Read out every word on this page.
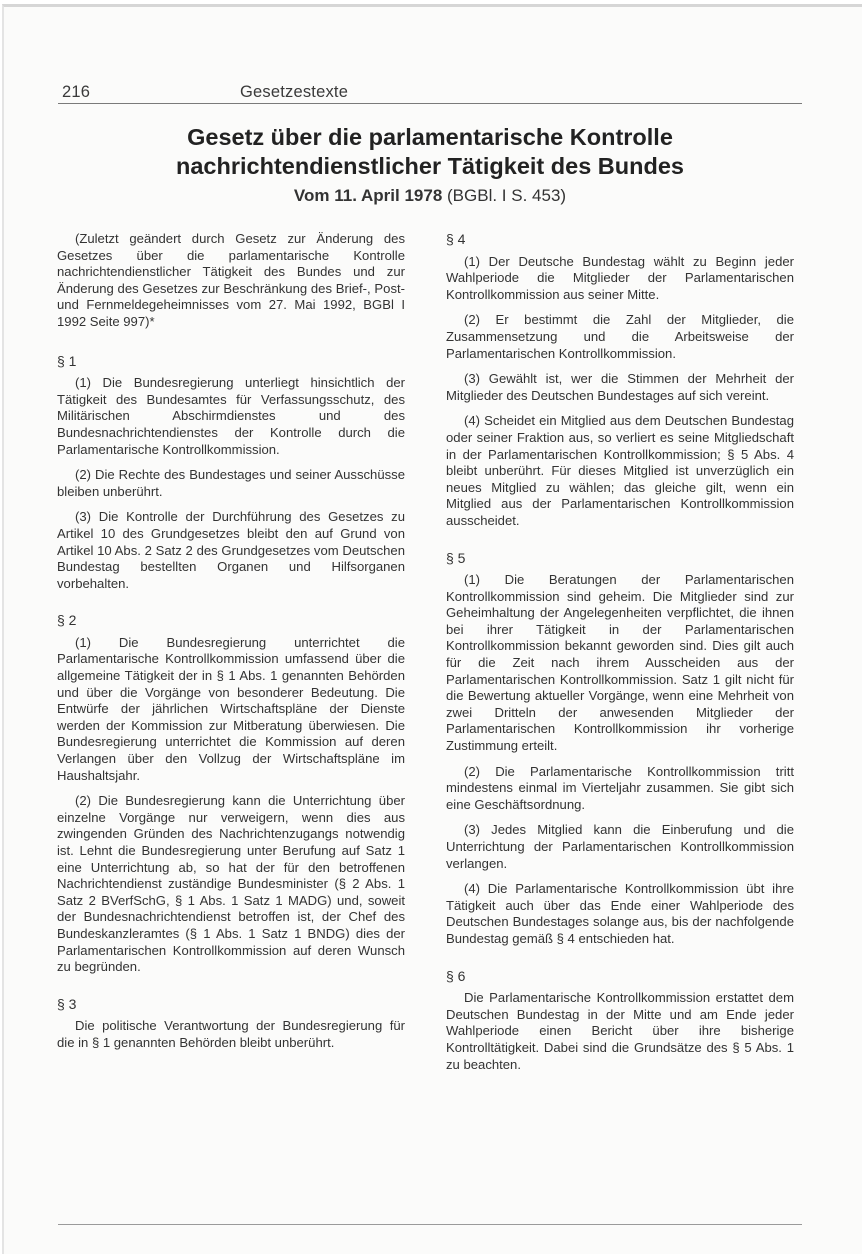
216	Gesetzestexte
Gesetz über die parlamentarische Kontrolle
nachrichtendienstlicher Tätigkeit des Bundes
Vom 11. April 1978 (BGBl. I S. 453)

(Zuletzt geändert durch Gesetz zur Änderung des Gesetzes über die parlamentarische Kontrolle nachrichtendienstlicher Tätigkeit des Bundes und zur Änderung des Gesetzes zur Beschränkung des Brief-, Post- und Fernmeldegeheimnisses vom 27. Mai 1992, BGBl I 1992 Seite 997)*

§ 1

(1) Die Bundesregierung unterliegt hinsichtlich der Tätigkeit des Bundesamtes für Verfassungsschutz, des Militärischen Abschirmdienstes und des Bundesnachrichtendienstes der Kontrolle durch die Parlamentarische Kontrollkommission.

(2) Die Rechte des Bundestages und seiner Ausschüsse bleiben unberührt.

(3) Die Kontrolle der Durchführung des Gesetzes zu Artikel 10 des Grundgesetzes bleibt den auf Grund von Artikel 10 Abs. 2 Satz 2 des Grundgesetzes vom Deutschen Bundestag bestellten Organen und Hilfsorganen vorbehalten.

§ 2

(1) Die Bundesregierung unterrichtet die Parlamentarische Kontrollkommission umfassend über die allgemeine Tätigkeit der in § 1 Abs. 1 genannten Behörden und über die Vorgänge von besonderer Bedeutung. Die Entwürfe der jährlichen Wirtschaftspläne der Dienste werden der Kommission zur Mitberatung überwiesen. Die Bundesregierung unterrichtet die Kommission auf deren Verlangen über den Vollzug der Wirtschaftspläne im Haushaltsjahr.

(2) Die Bundesregierung kann die Unterrichtung über einzelne Vorgänge nur verweigern, wenn dies aus zwingenden Gründen des Nachrichtenzugangs notwendig ist. Lehnt die Bundesregierung unter Berufung auf Satz 1 eine Unterrichtung ab, so hat der für den betroffenen Nachrichtendienst zuständige Bundesminister (§ 2 Abs. 1 Satz 2 BVerfSchG, § 1 Abs. 1 Satz 1 MADG) und, soweit der Bundesnachrichtendienst betroffen ist, der Chef des Bundeskanzleramtes (§ 1 Abs. 1 Satz 1 BNDG) dies der Parlamentarischen Kontrollkommission auf deren Wunsch zu begründen.

§ 3

Die politische Verantwortung der Bundesregierung für die in § 1 genannten Behörden bleibt unberührt.

§ 4

(1) Der Deutsche Bundestag wählt zu Beginn jeder Wahlperiode die Mitglieder der Parlamentarischen Kontrollkommission aus seiner Mitte.

(2) Er bestimmt die Zahl der Mitglieder, die Zusammensetzung und die Arbeitsweise der Parlamentarischen Kontrollkommission.

(3) Gewählt ist, wer die Stimmen der Mehrheit der Mitglieder des Deutschen Bundestages auf sich vereint.

(4) Scheidet ein Mitglied aus dem Deutschen Bundestag oder seiner Fraktion aus, so verliert es seine Mitgliedschaft in der Parlamentarischen Kontrollkommission; § 5 Abs. 4 bleibt unberührt. Für dieses Mitglied ist unverzüglich ein neues Mitglied zu wählen; das gleiche gilt, wenn ein Mitglied aus der Parlamentarischen Kontrollkommission ausscheidet.

§ 5

(1) Die Beratungen der Parlamentarischen Kontrollkommission sind geheim. Die Mitglieder sind zur Geheimhaltung der Angelegenheiten verpflichtet, die ihnen bei ihrer Tätigkeit in der Parlamentarischen Kontrollkommission bekannt geworden sind. Dies gilt auch für die Zeit nach ihrem Ausscheiden aus der Parlamentarischen Kontrollkommission. Satz 1 gilt nicht für die Bewertung aktueller Vorgänge, wenn eine Mehrheit von zwei Dritteln der anwesenden Mitglieder der Parlamentarischen Kontrollkommission ihr vorherige Zustimmung erteilt.

(2) Die Parlamentarische Kontrollkommission tritt mindestens einmal im Vierteljahr zusammen. Sie gibt sich eine Geschäftsordnung.

(3) Jedes Mitglied kann die Einberufung und die Unterrichtung der Parlamentarischen Kontrollkommission verlangen.

(4) Die Parlamentarische Kontrollkommission übt ihre Tätigkeit auch über das Ende einer Wahlperiode des Deutschen Bundestages solange aus, bis der nachfolgende Bundestag gemäß § 4 entschieden hat.

§ 6

Die Parlamentarische Kontrollkommission erstattet dem Deutschen Bundestag in der Mitte und am Ende jeder Wahlperiode einen Bericht über ihre bisherige Kontrolltätigkeit. Dabei sind die Grundsätze des § 5 Abs. 1 zu beachten.
